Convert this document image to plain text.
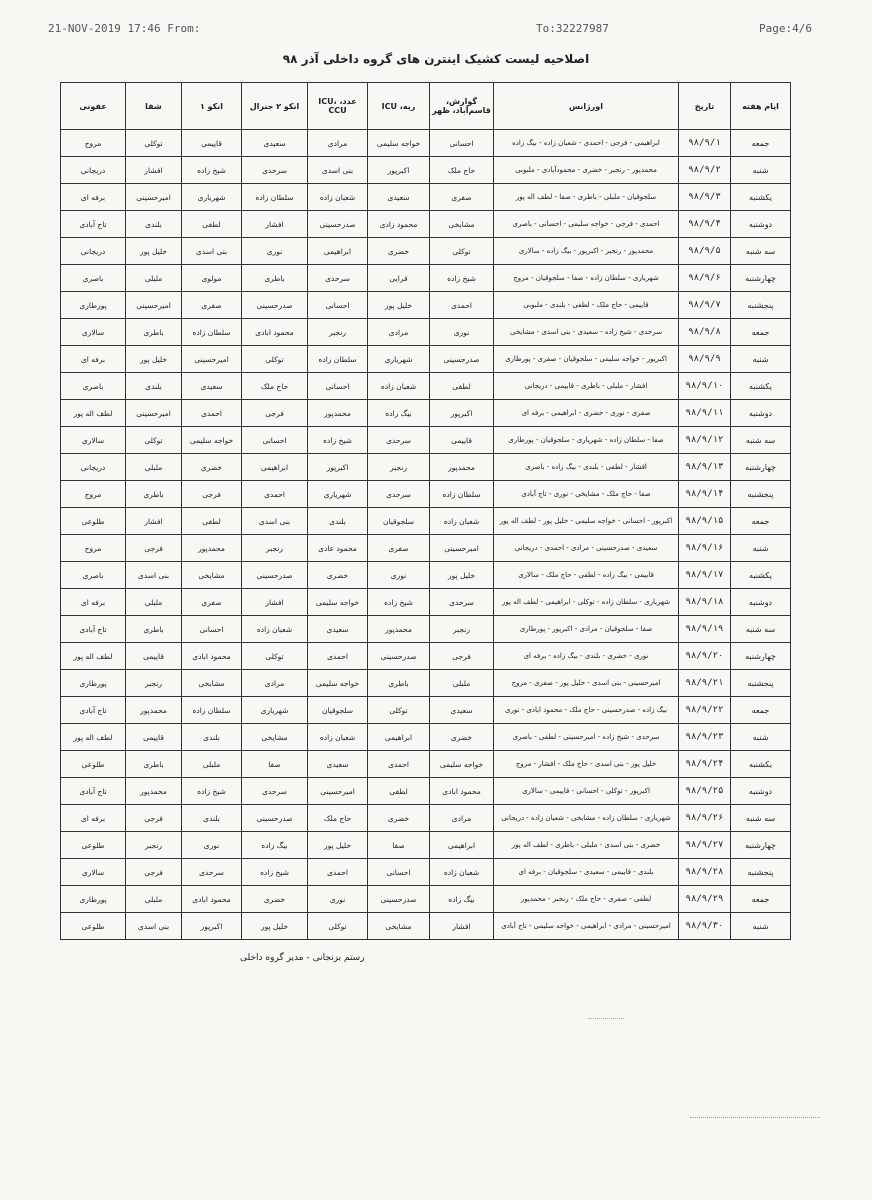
21-NOV-2019 17:46 From:	To:32227987	Page:4/6
اصلاحیه لیست کشیک اینترن های گروه داخلی آذر ۹۸
ایام هفته	تاریخ	اورژانس	گوارش، قاسم‌آباد، ظهر	ریه، ICU	عدد، ICU، CCU	انکو ۲ جنرال	انکو ۱	شفا	عفونی
جمعه	۹۸/۹/۱	ابراهیمی - فرجی - احمدی - شعبان زاده - بیگ زاده	احسانی	خواجه سلیمی	مرادی	سعیدی	قاییمی	توکلی	مروج
شنبه	۹۸/۹/۲	محمدپور - رنجبر - خضری - محمودآبادی - ملبوبی	حاج ملک	اکبرپور	بنی اسدی	سرحدی	شیخ زاده	افشار	دریجانی
یکشنبه	۹۸/۹/۳	سلجوقیان - ملبلی - باطری - صفا - لطف اله پور	صفری	سعیدی	شعبان زاده	سلطان زاده	شهریاری	امیرحسینی	برفه ای
دوشنبه	۹۸/۹/۴	احمدی - فرجی - خواجه سلیمی - احسانی - باصری	مشایخی	محمود زادی	صدرحسینی	افشار	لطفی	بلندی	تاج آبادی
سه شنبه	۹۸/۹/۵	محمدپور - رنجبر - اکبرپور - بیگ زاده - سالاری	توکلی	خضری	ابراهیمی	نوری	بنی اسدی	خلیل پور	دریجانی
چهارشنبه	۹۸/۹/۶	شهریاری - سلطان زاده - صفا - سلجوقیان - مروج	شیخ زاده	قرایی	سرحدی	باطری	مولوی	ملبلی	باصری
پنجشنبه	۹۸/۹/۷	قاییمی - حاج ملک - لطفی - بلندی - ملبوبی	احمدی	خلیل پور	احسانی	صدرحسینی	صفری	امیرحسینی	پورطاری
جمعه	۹۸/۹/۸	سرحدی - شیخ زاده - سعیدی - بنی اسدی - مشایخی	نوری	مرادی	رنجبر	محمود ابادی	سلطان زاده	باطری	سالاری
شنبه	۹۸/۹/۹	اکبرپور - خواجه سلیمی - سلجوقیان - صفری - پورطاری	صدرحسینی	شهریاری	سلطان زاده	توکلی	امیرحسینی	خلیل پور	برفه ای
یکشنبه	۹۸/۹/۱۰	افشار - ملبلی - باطری - قاییمی - دریجانی	لطفی	شعبان زاده	احسانی	حاج ملک	سعیدی	بلندی	باصری
دوشنبه	۹۸/۹/۱۱	صفری - نوری - خضری - ابراهیمی - برفه ای	اکبرپور	بیگ زاده	محمدپور	فرجی	احمدی	امیرحسینی	لطف اله پور
سه شنبه	۹۸/۹/۱۲	صفا - سلطان زاده - شهریاری - سلجوقیان - پورطاری	قاییمی	سرحدی	شیخ زاده	احسانی	خواجه سلیمی	توکلی	سالاری
چهارشنبه	۹۸/۹/۱۳	افشار - لطفی - بلندی - بیگ زاده - باصری	محمدپور	رنجبر	اکبرپور	ابراهیمی	خضری	ملبلی	دریجانی
پنجشنبه	۹۸/۹/۱۴	صفا - حاج ملک - مشایخی - نوری - تاج آبادی	سلطان زاده	سرحدی	شهریاری	احمدی	فرجی	باطری	مروج
جمعه	۹۸/۹/۱۵	اکبرپور - احسانی - خواجه سلیمی - خلیل پور - لطف اله پور	شعبان زاده	سلجوقیان	بلندی	بنی اسدی	لطفی	افشار	طلوعی
شنبه	۹۸/۹/۱۶	سعیدی - صدرحسینی - مرادی - احمدی - دریجانی	امیرحسینی	صفری	محمود عادی	رنجبر	محمدپور	فرجی	مروج
یکشنبه	۹۸/۹/۱۷	قاییمی - بیگ زاده - لطفی - حاج ملک - سالاری	خلیل پور	نوری	خضری	صدرحسینی	مشایخی	بنی اسدی	باصری
دوشنبه	۹۸/۹/۱۸	شهریاری - سلطان زاده - توکلی - ابراهیمی - لطف اله پور	سرحدی	شیخ زاده	خواجه سلیمی	افشار	صفری	ملبلی	برفه ای
سه شنبه	۹۸/۹/۱۹	صفا - سلجوقیان - مرادی - اکبرپور - پورطاری	رنجبر	محمدپور	سعیدی	شعبان زاده	احسانی	باطری	تاج آبادی
چهارشنبه	۹۸/۹/۲۰	نوری - خضری - بلندی - بیگ زاده - برفه ای	فرجی	صدرحسینی	احمدی	توکلی	محمود ابادی	قاییمی	لطف اله پور
پنجشنبه	۹۸/۹/۲۱	امیرحسینی - بنی اسدی - خلیل پور - صفری - مروج	ملبلی	باطری	خواجه سلیمی	مرادی	مشایخی	رنجبر	پورطاری
جمعه	۹۸/۹/۲۲	بیگ زاده - صدرحسینی - حاج ملک - محمود ابادی - نوری	سعیدی	توکلی	سلجوقیان	شهریاری	سلطان زاده	محمدپور	تاج آبادی
شنبه	۹۸/۹/۲۳	سرحدی - شیخ زاده - امیرحسینی - لطفی - باصری	خضری	ابراهیمی	شعبان زاده	مشایخی	بلندی	قاییمی	لطف اله پور
یکشنبه	۹۸/۹/۲۴	خلیل پور - بنی اسدی - حاج ملک - افشار - مروج	خواجه سلیمی	احمدی	سعیدی	صفا	ملبلی	باطری	طلوعی
دوشنبه	۹۸/۹/۲۵	اکبرپور - توکلی - احسانی - قاییمی - سالاری	محمود ابادی	لطفی	امیرحسینی	سرحدی	شیخ زاده	محمدپور	تاج آبادی
سه شنبه	۹۸/۹/۲۶	شهریاری - سلطان زاده - مشایخی - شعبان زاده - دریجانی	مرادی	خضری	حاج ملک	صدرحسینی	بلندی	فرجی	برفه ای
چهارشنبه	۹۸/۹/۲۷	خضری - بنی اسدی - ملبلی - باطری - لطف اله پور	ابراهیمی	صفا	خلیل پور	بیگ زاده	نوری	رنجبر	طلوعی
پنجشنبه	۹۸/۹/۲۸	بلندی - قاییمی - سعیدی - سلجوقیان - برفه ای	شعبان زاده	احسانی	احمدی	شیخ زاده	سرحدی	فرجی	سالاری
جمعه	۹۸/۹/۲۹	لطفی - صفری - حاج ملک - رنجبر - محمدپور	بیگ زاده	صدرحسینی	نوری	خضری	محمود ابادی	ملبلی	پورطاری
شنبه	۹۸/۹/۳۰	امیرحسینی - مرادی - ابراهیمی - خواجه سلیمی - تاج آبادی	افشار	مشایخی	توکلی	خلیل پور	اکبرپور	بنی اسدی	طلوعی
رستم بزنجانی - مدیر گروه داخلی
